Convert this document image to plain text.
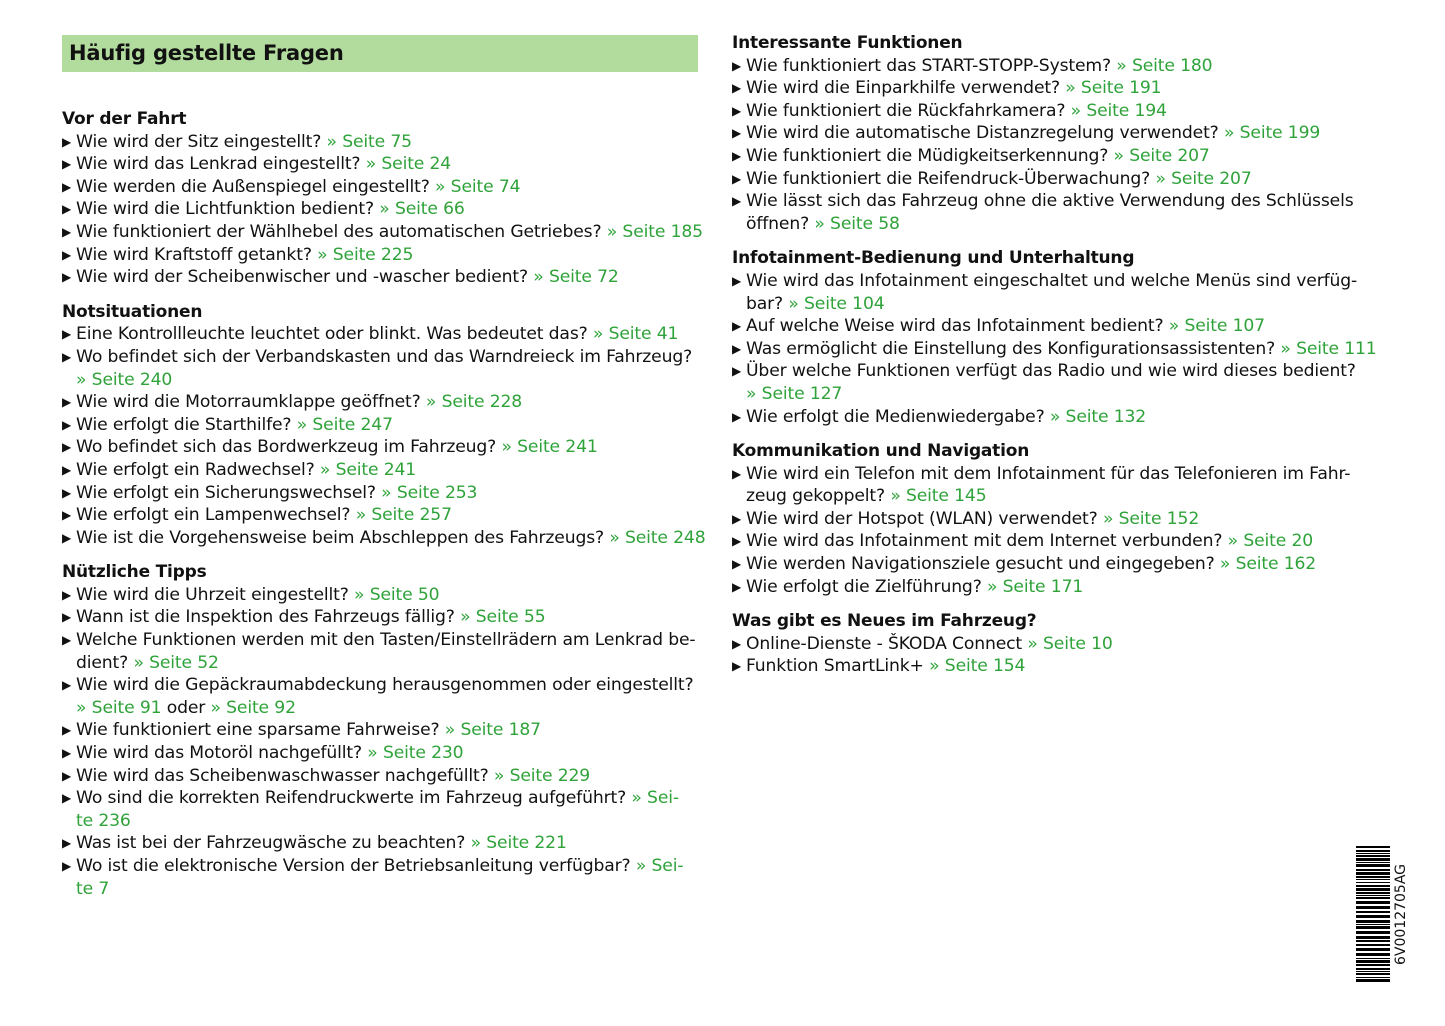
Häufig gestellte Fragen
Vor der Fahrt
▶ Wie wird der Sitz eingestellt? » Seite 75
▶ Wie wird das Lenkrad eingestellt? » Seite 24
▶ Wie werden die Außenspiegel eingestellt? » Seite 74
▶ Wie wird die Lichtfunktion bedient? » Seite 66
▶ Wie funktioniert der Wählhebel des automatischen Getriebes? » Seite 185
▶ Wie wird Kraftstoff getankt? » Seite 225
▶ Wie wird der Scheibenwischer und -wascher bedient? » Seite 72
Notsituationen
▶ Eine Kontrollleuchte leuchtet oder blinkt. Was bedeutet das? » Seite 41
▶ Wo befindet sich der Verbandskasten und das Warndreieck im Fahrzeug?
» Seite 240
▶ Wie wird die Motorraumklappe geöffnet? » Seite 228
▶ Wie erfolgt die Starthilfe? » Seite 247
▶ Wo befindet sich das Bordwerkzeug im Fahrzeug? » Seite 241
▶ Wie erfolgt ein Radwechsel? » Seite 241
▶ Wie erfolgt ein Sicherungswechsel? » Seite 253
▶ Wie erfolgt ein Lampenwechsel? » Seite 257
▶ Wie ist die Vorgehensweise beim Abschleppen des Fahrzeugs? » Seite 248
Nützliche Tipps
▶ Wie wird die Uhrzeit eingestellt? » Seite 50
▶ Wann ist die Inspektion des Fahrzeugs fällig? » Seite 55
▶ Welche Funktionen werden mit den Tasten/Einstellrädern am Lenkrad be-
dient? » Seite 52
▶ Wie wird die Gepäckraumabdeckung herausgenommen oder eingestellt?
» Seite 91 oder » Seite 92
▶ Wie funktioniert eine sparsame Fahrweise? » Seite 187
▶ Wie wird das Motoröl nachgefüllt? » Seite 230
▶ Wie wird das Scheibenwaschwasser nachgefüllt? » Seite 229
▶ Wo sind die korrekten Reifendruckwerte im Fahrzeug aufgeführt? » Sei-
te 236
▶ Was ist bei der Fahrzeugwäsche zu beachten? » Seite 221
▶ Wo ist die elektronische Version der Betriebsanleitung verfügbar? » Sei-
te 7
Interessante Funktionen
▶ Wie funktioniert das START-STOPP-System? » Seite 180
▶ Wie wird die Einparkhilfe verwendet? » Seite 191
▶ Wie funktioniert die Rückfahrkamera? » Seite 194
▶ Wie wird die automatische Distanzregelung verwendet? » Seite 199
▶ Wie funktioniert die Müdigkeitserkennung? » Seite 207
▶ Wie funktioniert die Reifendruck-Überwachung? » Seite 207
▶ Wie lässt sich das Fahrzeug ohne die aktive Verwendung des Schlüssels
öffnen? » Seite 58
Infotainment-Bedienung und Unterhaltung
▶ Wie wird das Infotainment eingeschaltet und welche Menüs sind verfüg-
bar? » Seite 104
▶ Auf welche Weise wird das Infotainment bedient? » Seite 107
▶ Was ermöglicht die Einstellung des Konfigurationsassistenten? » Seite 111
▶ Über welche Funktionen verfügt das Radio und wie wird dieses bedient?
» Seite 127
▶ Wie erfolgt die Medienwiedergabe? » Seite 132
Kommunikation und Navigation
▶ Wie wird ein Telefon mit dem Infotainment für das Telefonieren im Fahr-
zeug gekoppelt? » Seite 145
▶ Wie wird der Hotspot (WLAN) verwendet? » Seite 152
▶ Wie wird das Infotainment mit dem Internet verbunden? » Seite 20
▶ Wie werden Navigationsziele gesucht und eingegeben? » Seite 162
▶ Wie erfolgt die Zielführung? » Seite 171
Was gibt es Neues im Fahrzeug?
▶ Online-Dienste - ŠKODA Connect » Seite 10
▶ Funktion SmartLink+ » Seite 154
6V0012705AG
